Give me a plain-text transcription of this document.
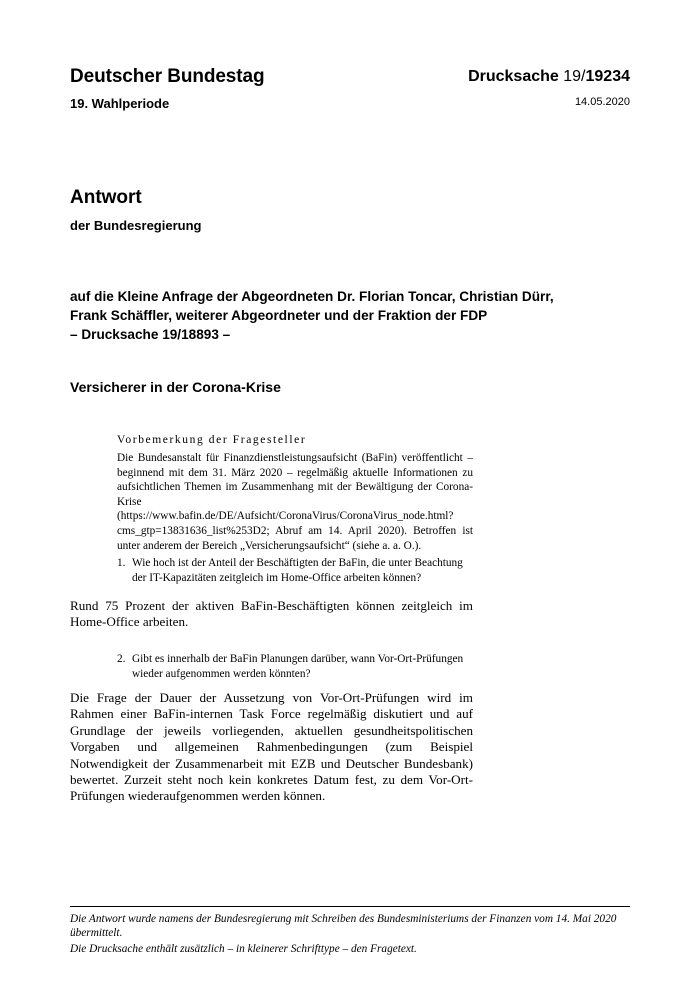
Deutscher Bundestag
19. Wahlperiode
Drucksache 19/19234
14.05.2020
Antwort
der Bundesregierung
auf die Kleine Anfrage der Abgeordneten Dr. Florian Toncar, Christian Dürr,
Frank Schäffler, weiterer Abgeordneter und der Fraktion der FDP
– Drucksache 19/18893 –
Versicherer in der Corona-Krise
Vorbemerkung der Fragesteller
Die Bundesanstalt für Finanzdienstleistungsaufsicht (BaFin) veröffentlicht – beginnend mit dem 31. März 2020 – regelmäßig aktuelle Informationen zu aufsichtlichen Themen im Zusammenhang mit der Bewältigung der Corona-Krise (https://www.bafin.de/DE/Aufsicht/CoronaVirus/CoronaVirus_node.html?cms_gtp=13831636_list%253D2; Abruf am 14. April 2020). Betroffen ist unter anderem der Bereich „Versicherungsaufsicht“ (siehe a. a. O.).
1. Wie hoch ist der Anteil der Beschäftigten der BaFin, die unter Beachtung der IT-Kapazitäten zeitgleich im Home-Office arbeiten können?
Rund 75 Prozent der aktiven BaFin-Beschäftigten können zeitgleich im Home-Office arbeiten.
2. Gibt es innerhalb der BaFin Planungen darüber, wann Vor-Ort-Prüfungen wieder aufgenommen werden könnten?
Die Frage der Dauer der Aussetzung von Vor-Ort-Prüfungen wird im Rahmen einer BaFin-internen Task Force regelmäßig diskutiert und auf Grundlage der jeweils vorliegenden, aktuellen gesundheitspolitischen Vorgaben und allgemeinen Rahmenbedingungen (zum Beispiel Notwendigkeit der Zusammenarbeit mit EZB und Deutscher Bundesbank) bewertet. Zurzeit steht noch kein konkretes Datum fest, zu dem Vor-Ort-Prüfungen wiederaufgenommen werden können.
Die Antwort wurde namens der Bundesregierung mit Schreiben des Bundesministeriums der Finanzen vom 14. Mai 2020 übermittelt.
Die Drucksache enthält zusätzlich – in kleinerer Schrifttype – den Fragetext.
